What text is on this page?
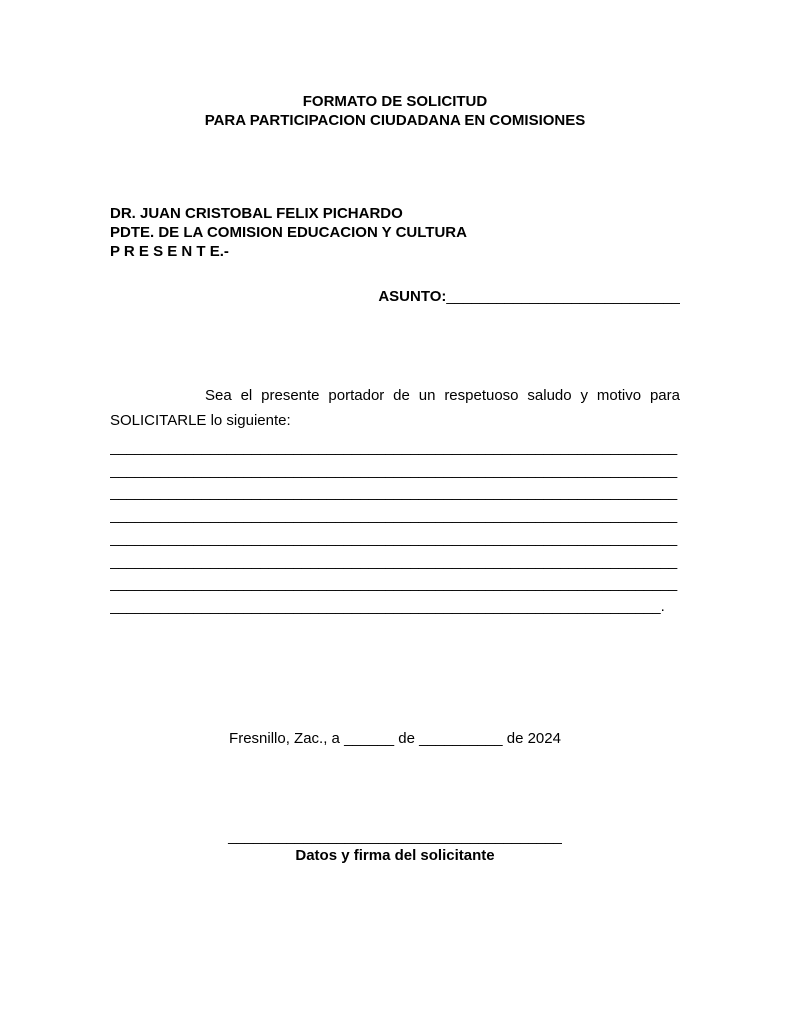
FORMATO DE SOLICITUD
PARA PARTICIPACION CIUDADANA EN COMISIONES
DR. JUAN CRISTOBAL FELIX PICHARDO
PDTE. DE LA COMISION EDUCACION Y CULTURA
P R E S E N T E.-
ASUNTO:____________________________
Sea el presente portador de un respetuoso saludo y motivo para
SOLICITARLE lo siguiente:
____________________________________________________________________
____________________________________________________________________
____________________________________________________________________
____________________________________________________________________
____________________________________________________________________
____________________________________________________________________
____________________________________________________________________
__________________________________________________________________.
Fresnillo, Zac., a ______ de __________ de 2024
________________________________________
Datos y firma del solicitante
